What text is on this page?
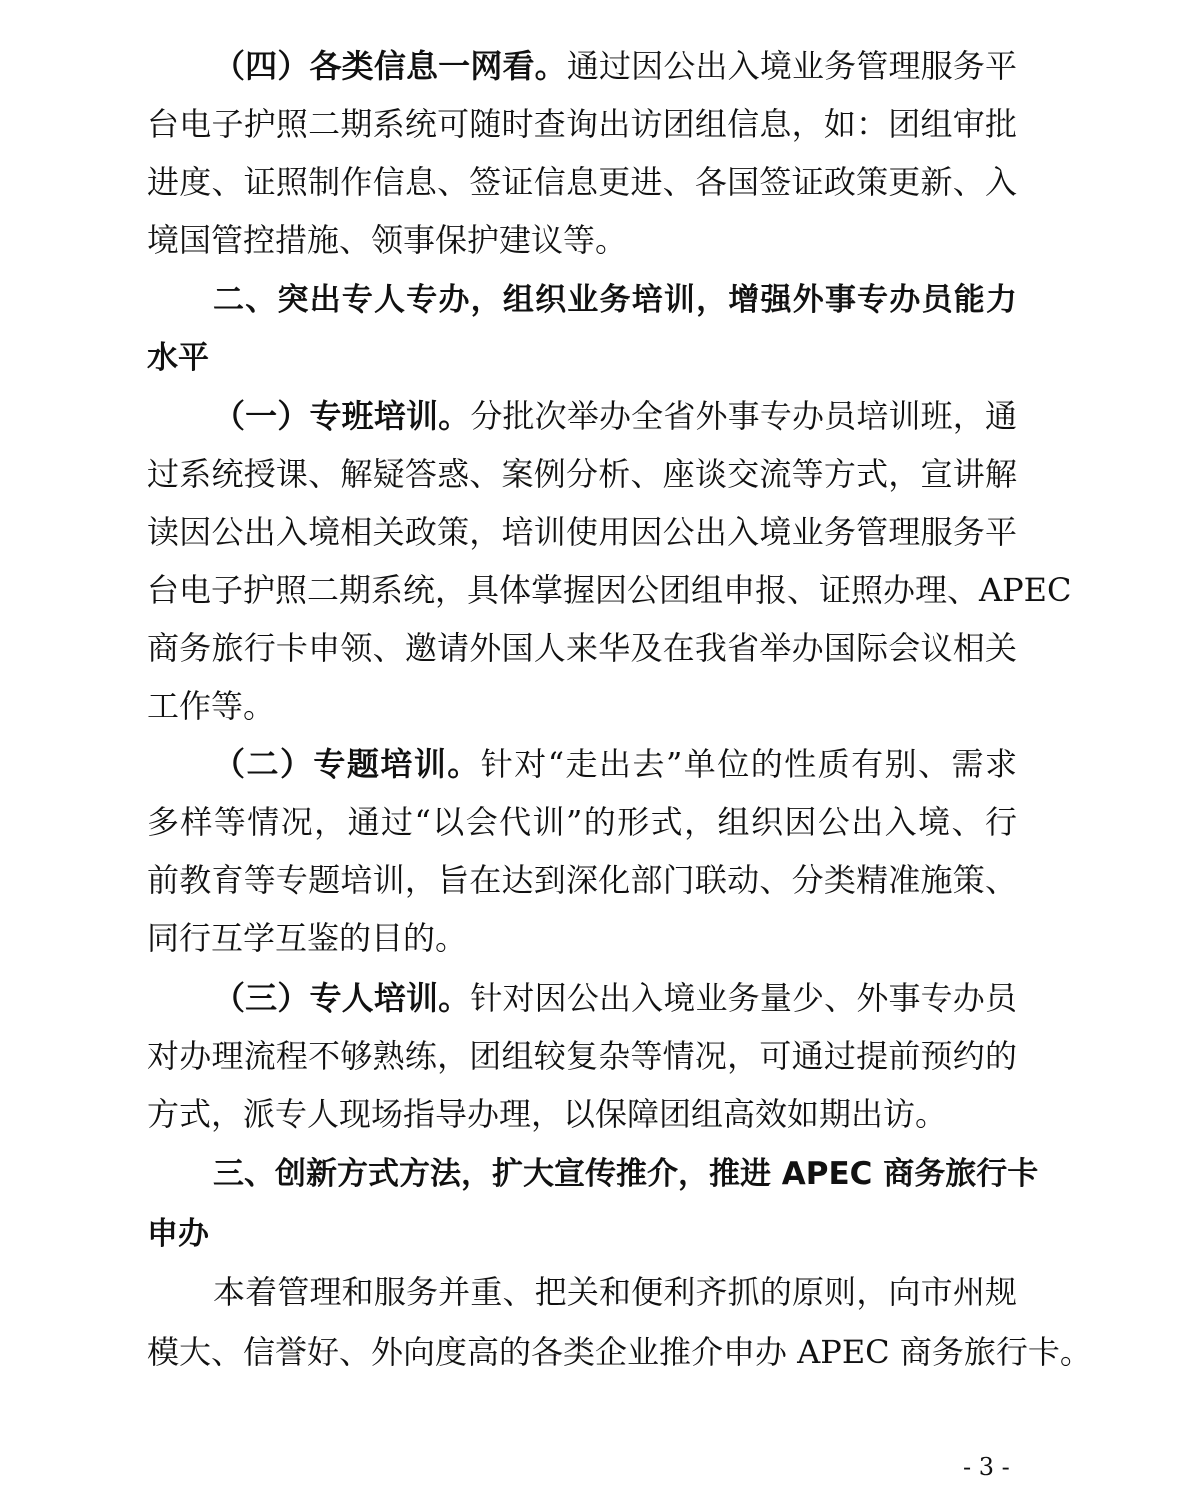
（四）各类信息一网看。通过因公出入境业务管理服务平
台电子护照二期系统可随时查询出访团组信息，如：团组审批
进度、证照制作信息、签证信息更进、各国签证政策更新、入
境国管控措施、领事保护建议等。
二、突出专人专办，组织业务培训，增强外事专办员能力
水平
（一）专班培训。分批次举办全省外事专办员培训班，通
过系统授课、解疑答惑、案例分析、座谈交流等方式，宣讲解
读因公出入境相关政策，培训使用因公出入境业务管理服务平
台电子护照二期系统，具体掌握因公团组申报、证照办理、APEC
商务旅行卡申领、邀请外国人来华及在我省举办国际会议相关
工作等。
（二）专题培训。针对“走出去”单位的性质有别、需求
多样等情况，通过“以会代训”的形式，组织因公出入境、行
前教育等专题培训，旨在达到深化部门联动、分类精准施策、
同行互学互鉴的目的。
（三）专人培训。针对因公出入境业务量少、外事专办员
对办理流程不够熟练，团组较复杂等情况，可通过提前预约的
方式，派专人现场指导办理，以保障团组高效如期出访。
三、创新方式方法，扩大宣传推介，推进 APEC 商务旅行卡
申办
本着管理和服务并重、把关和便利齐抓的原则，向市州规
模大、信誉好、外向度高的各类企业推介申办 APEC 商务旅行卡。
- 3 -
